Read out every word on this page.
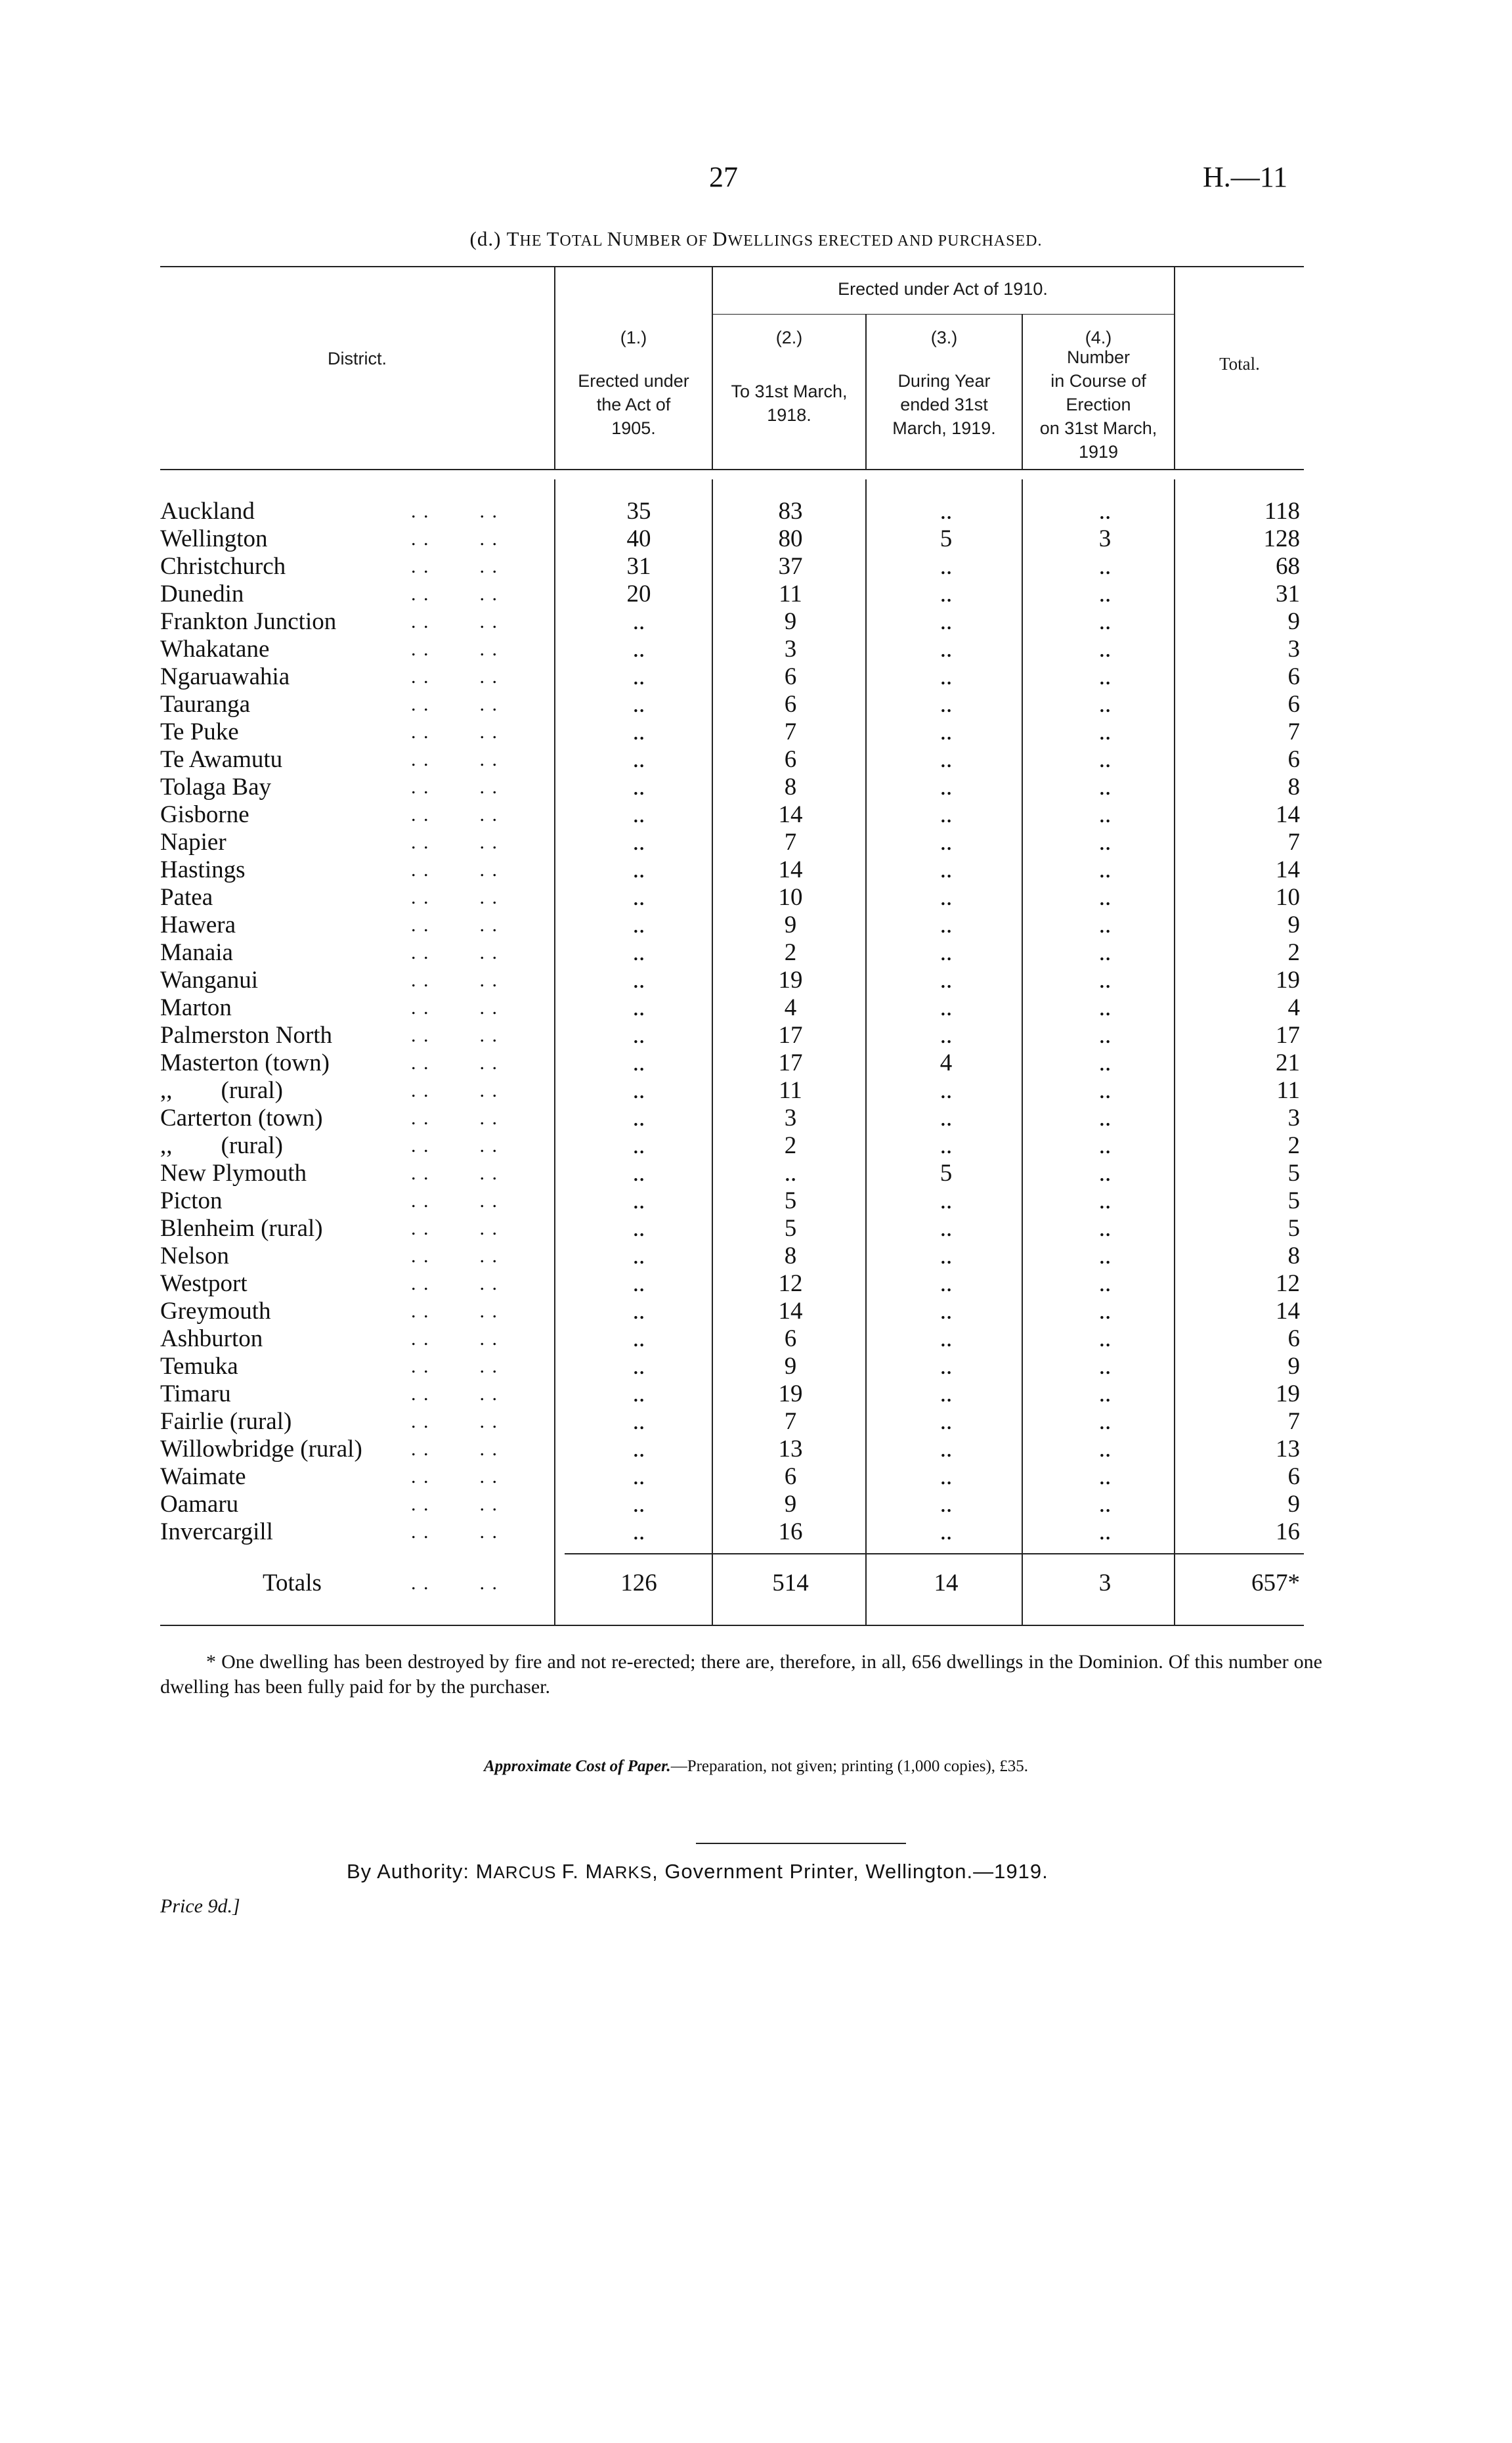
27	H.—11
(d.) THE TOTAL NUMBER OF DWELLINGS ERECTED AND PURCHASED.
District.
Erected under Act of 1910.
(1.)
Erected under
the Act of
1905.
(2.)
To 31st March,
1918.
(3.)
During Year
ended 31st
March, 1919.
(4.)
Number
in Course of
Erection
on 31st March,
1919
Total.
Auckland	. .        . .	35	83	..	..	118
Wellington	. .        . .	40	80	5	3	128
Christchurch	. .        . .	31	37	..	..	68
Dunedin	. .        . .	20	11	..	..	31
Frankton Junction	. .        . .	..	9	..	..	9
Whakatane	. .        . .	..	3	..	..	3
Ngaruawahia	. .        . .	..	6	..	..	6
Tauranga	. .        . .	..	6	..	..	6
Te Puke	. .        . .	..	7	..	..	7
Te Awamutu	. .        . .	..	6	..	..	6
Tolaga Bay	. .        . .	..	8	..	..	8
Gisborne	. .        . .	..	14	..	..	14
Napier	. .        . .	..	7	..	..	7
Hastings	. .        . .	..	14	..	..	14
Patea	. .        . .	..	10	..	..	10
Hawera	. .        . .	..	9	..	..	9
Manaia	. .        . .	..	2	..	..	2
Wanganui	. .        . .	..	19	..	..	19
Marton	. .        . .	..	4	..	..	4
Palmerston North	. .        . .	..	17	..	..	17
Masterton (town)	. .        . .	..	17	4	..	21
,,        (rural)	. .        . .	..	11	..	..	11
Carterton (town)	. .        . .	..	3	..	..	3
,,        (rural)	. .        . .	..	2	..	..	2
New Plymouth	. .        . .	..	..	5	..	5
Picton	. .        . .	..	5	..	..	5
Blenheim (rural)	. .        . .	..	5	..	..	5
Nelson	. .        . .	..	8	..	..	8
Westport	. .        . .	..	12	..	..	12
Greymouth	. .        . .	..	14	..	..	14
Ashburton	. .        . .	..	6	..	..	6
Temuka	. .        . .	..	9	..	..	9
Timaru	. .        . .	..	19	..	..	19
Fairlie (rural)	. .        . .	..	7	..	..	7
Willowbridge (rural) . .        . .	..	13	..	..	13
Waimate	. .        . .	..	6	..	..	6
Oamaru	. .        . .	..	9	..	..	9
Invercargill	. .        . .	..	16	..	..	16
Totals	. .        . .	126	514	14	3	657*
* One dwelling has been destroyed by fire and not re-erected; there are, therefore, in all, 656 dwellings in the Dominion. Of this number one dwelling has been fully paid for by the purchaser.
Approximate Cost of Paper.—Preparation, not given; printing (1,000 copies), £35.
By Authority: MARCUS F. MARKS, Government Printer, Wellington.—1919.
Price 9d.]
